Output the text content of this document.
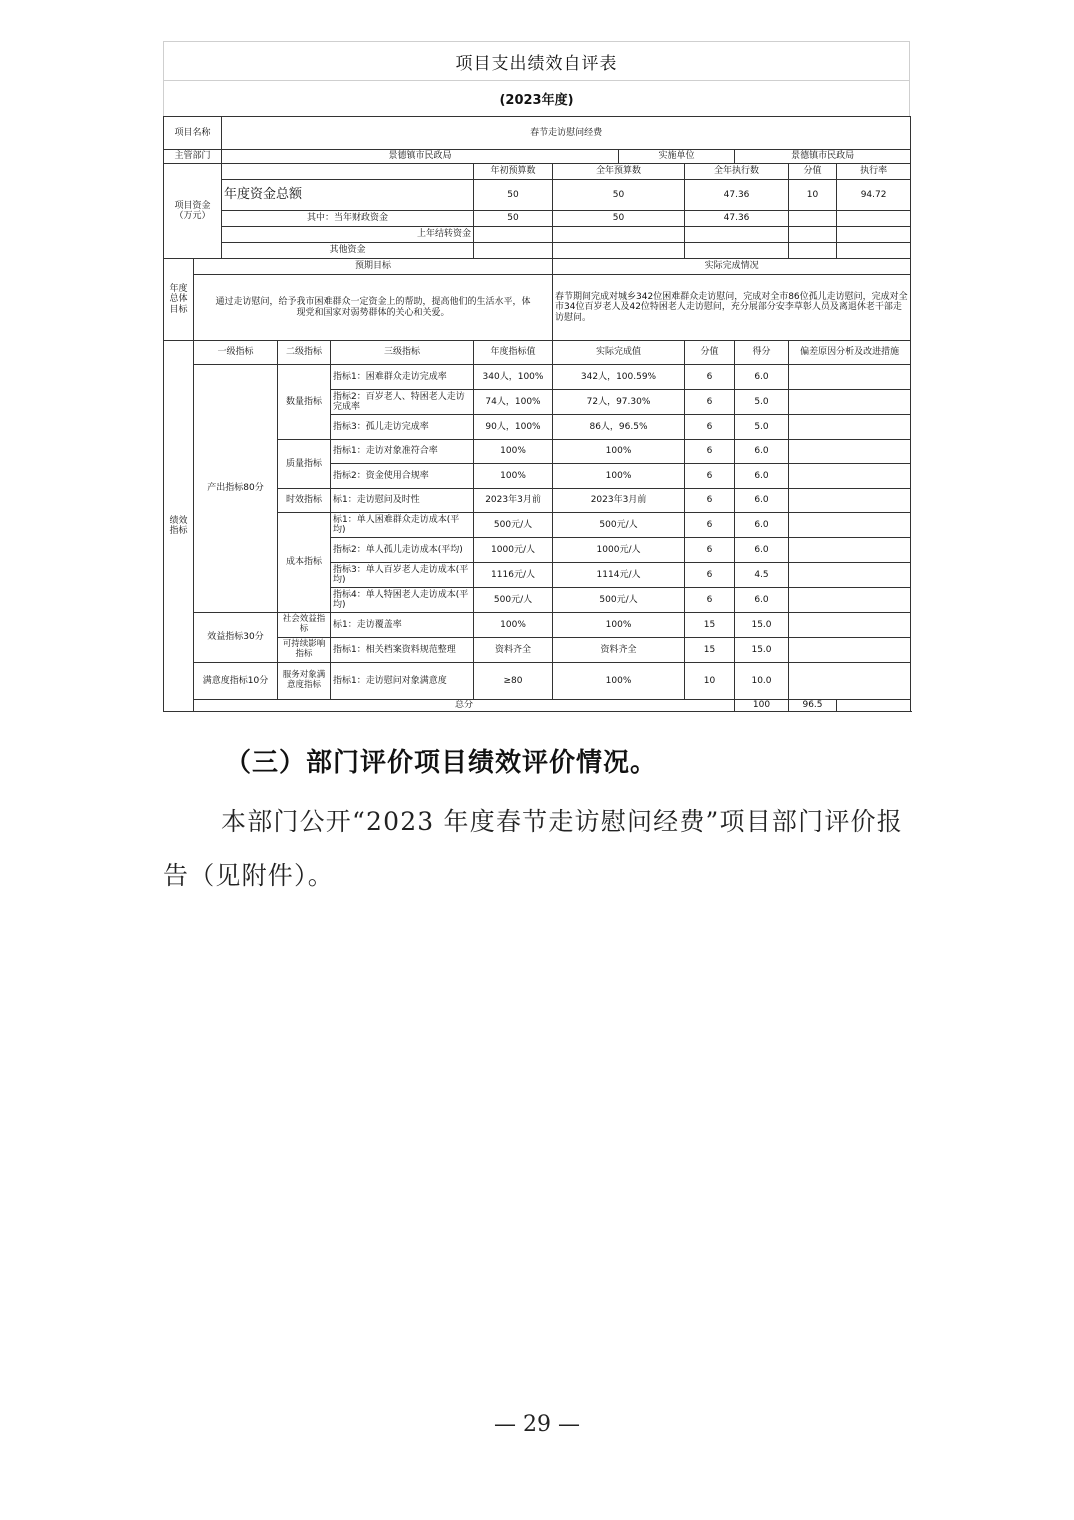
项目支出绩效自评表
(2023年度)
项目名称		春节走访慰问经费									
主管部门		景德镇市民政局					实施单位		景德镇市民政局		
项目资金（万元）					年初预算数	全年预算数		全年执行数		分值	执行率
		年度资金总额			50	50		47.36		10	94.72
		其中：当年财政资金			50	50		47.36			
		上年结转资金									
		其他资金									
年度总体目标	预期目标					实际完成情况					
	通过走访慰问，给予我市困难群众一定资金上的帮助，提高他们的生活水平，体现党和国家对弱势群体的关心和关爱。					春节期间完成对城乡342位困难群众走访慰问，完成对全市86位孤儿走访慰问，完成对全市34位百岁老人及42位特困老人走访慰问，充分展部分安李草彰人员及离退休老干部走访慰问。					
绩效指标	一级指标		二级指标	三级指标	年度指标值	实际完成值		分值	得分	偏差原因分析及改进措施	
	产出指标80分		数量指标	指标1：困难群众走访完成率	340人，100%	342人，100.59%		6	6.0		
				指标2：百岁老人、特困老人走访完成率	74人，100%	72人，97.30%		6	5.0		
				指标3：孤儿走访完成率	90人，100%	86人，96.5%		6	5.0		
			质量指标	指标1：走访对象准符合率	100%	100%		6	6.0		
				指标2：资金使用合规率	100%	100%		6	6.0		
			时效指标	标1：走访慰问及时性	2023年3月前	2023年3月前		6	6.0		
			成本指标	标1：单人困难群众走访成本(平均)	500元/人	500元/人		6	6.0		
				指标2：单人孤儿走访成本(平均)	1000元/人	1000元/人		6	6.0		
				指标3：单人百岁老人走访成本(平均)	1116元/人	1114元/人		6	4.5		
				指标4：单人特困老人走访成本(平均)	500元/人	500元/人		6	6.0		
	效益指标30分		社会效益指标	标1：走访覆盖率	100%	100%		15	15.0		
			可持续影响指标	指标1：相关档案资料规范整理	资料齐全	资料齐全		15	15.0		
	满意度指标10分		服务对象满意度指标	指标1：走访慰问对象满意度	≥80	100%		10	10.0		
	总分								100	96.5	
（三）部门评价项目绩效评价情况。
本部门公开“2023 年度春节走访慰问经费”项目部门评价报告（见附件）。
— 29 —
